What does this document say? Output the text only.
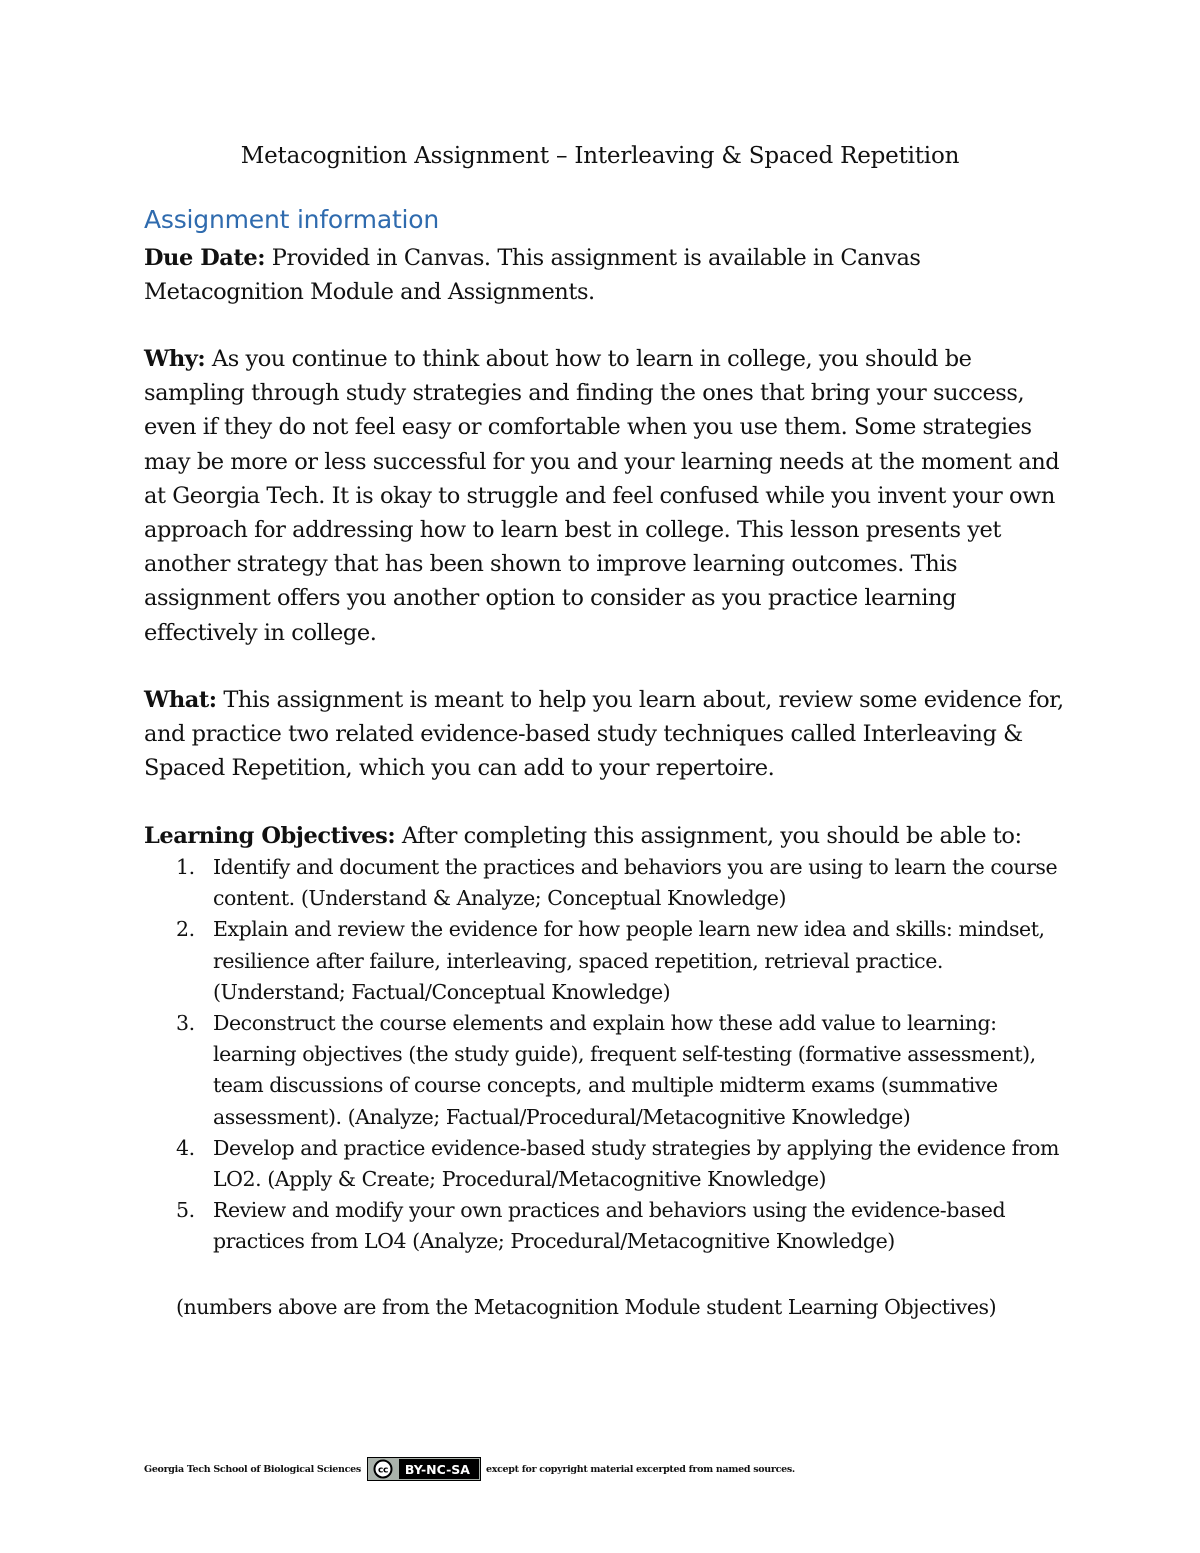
Metacognition Assignment – Interleaving & Spaced Repetition
Assignment information

Due Date: Provided in Canvas. This assignment is available in Canvas Metacognition Module and Assignments.

Why: As you continue to think about how to learn in college, you should be sampling through study strategies and finding the ones that bring your success, even if they do not feel easy or comfortable when you use them. Some strategies may be more or less successful for you and your learning needs at the moment and at Georgia Tech. It is okay to struggle and feel confused while you invent your own approach for addressing how to learn best in college. This lesson presents yet another strategy that has been shown to improve learning outcomes. This assignment offers you another option to consider as you practice learning effectively in college.

What: This assignment is meant to help you learn about, review some evidence for, and practice two related evidence-based study techniques called Interleaving & Spaced Repetition, which you can add to your repertoire.

Learning Objectives: After completing this assignment, you should be able to:

1. Identify and document the practices and behaviors you are using to learn the course content. (Understand & Analyze; Conceptual Knowledge)
2. Explain and review the evidence for how people learn new idea and skills: mindset, resilience after failure, interleaving, spaced repetition, retrieval practice. (Understand; Factual/Conceptual Knowledge)
3. Deconstruct the course elements and explain how these add value to learning: learning objectives (the study guide), frequent self-testing (formative assessment), team discussions of course concepts, and multiple midterm exams (summative assessment). (Analyze; Factual/Procedural/Metacognitive Knowledge)
4. Develop and practice evidence-based study strategies by applying the evidence from LO2. (Apply & Create; Procedural/Metacognitive Knowledge)
5. Review and modify your own practices and behaviors using the evidence-based practices from LO4 (Analyze; Procedural/Metacognitive Knowledge)
(numbers above are from the Metacognition Module student Learning Objectives)
Georgia Tech School of Biological Sciences cc	BY-NC-SA	except for copyright material excerpted from named sources.
